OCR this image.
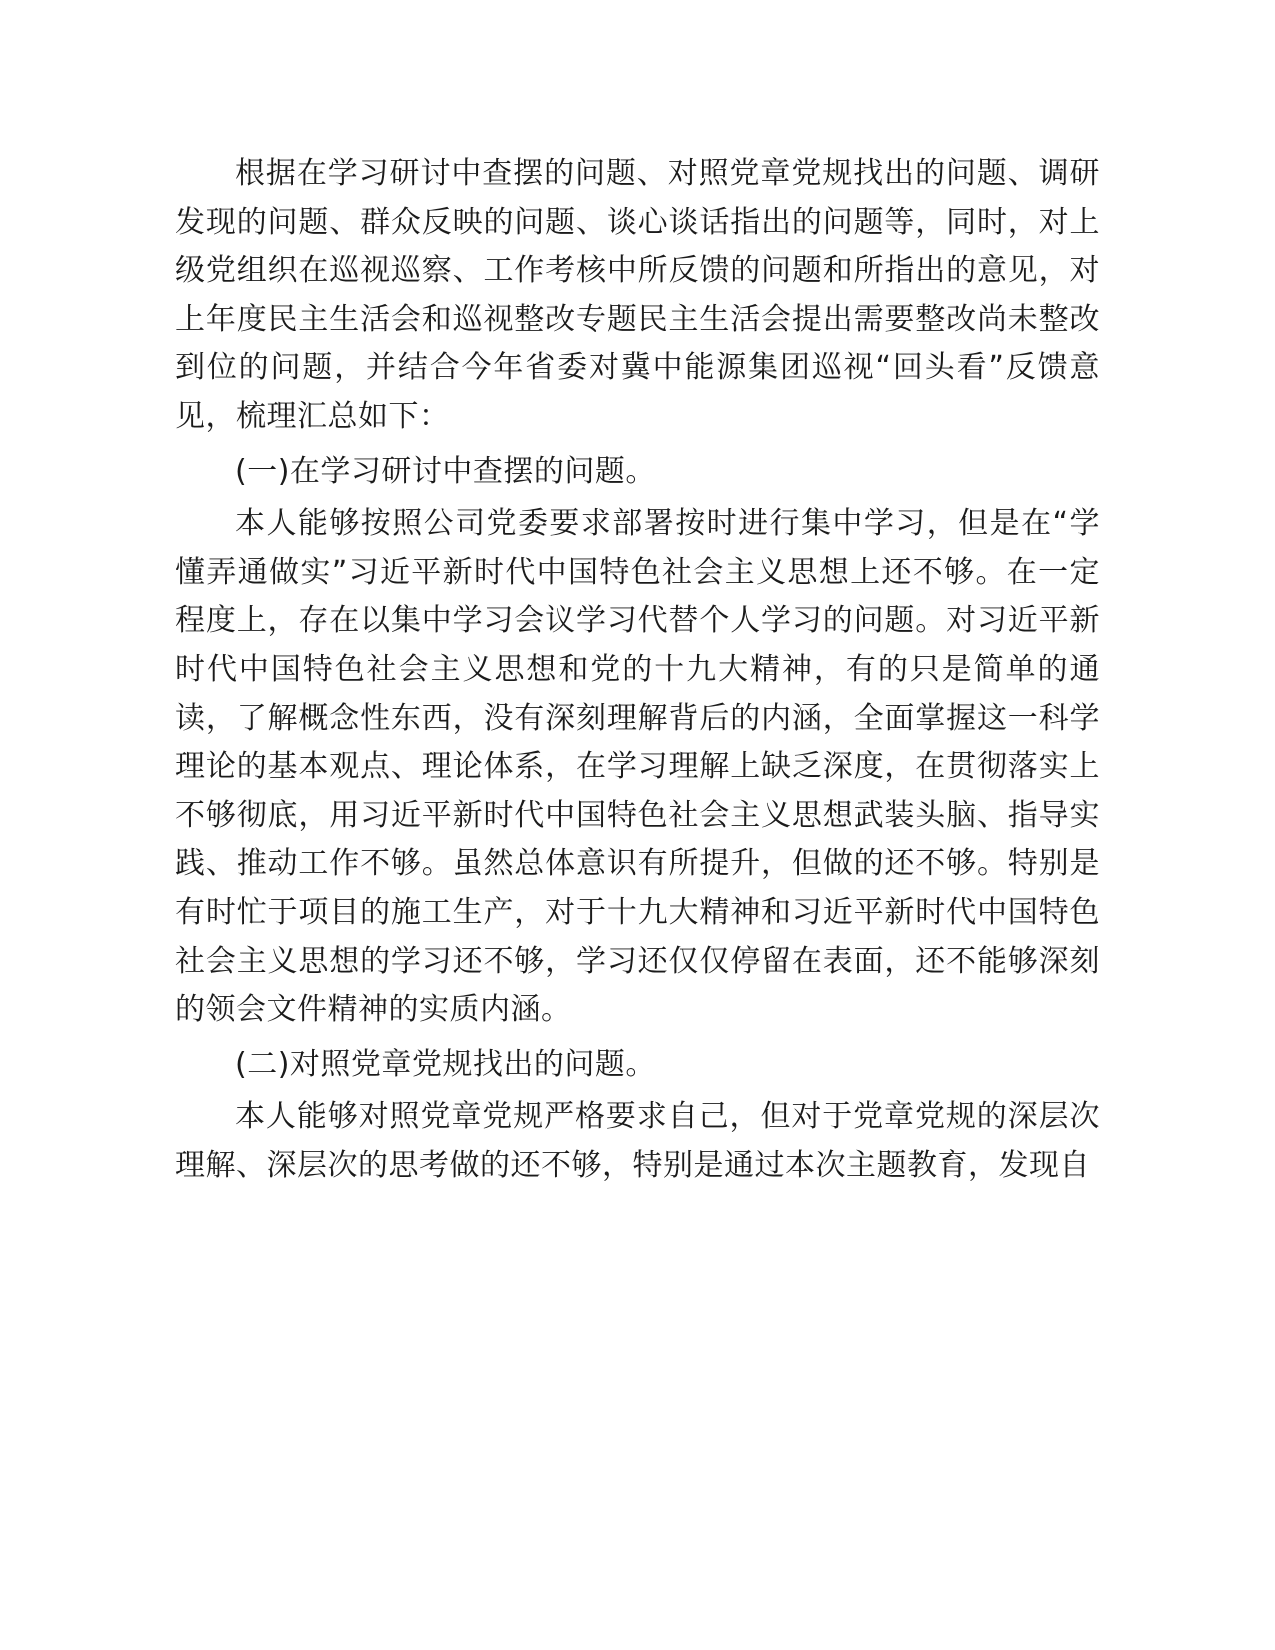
根据在学习研讨中查摆的问题、对照党章党规找出的问题、调研发现的问题、群众反映的问题、谈心谈话指出的问题等，同时，对上级党组织在巡视巡察、工作考核中所反馈的问题和所指出的意见，对上年度民主生活会和巡视整改专题民主生活会提出需要整改尚未整改到位的问题，并结合今年省委对冀中能源集团巡视“回头看”反馈意见，梳理汇总如下：

(一)在学习研讨中查摆的问题。

本人能够按照公司党委要求部署按时进行集中学习，但是在“学懂弄通做实”习近平新时代中国特色社会主义思想上还不够。在一定程度上，存在以集中学习会议学习代替个人学习的问题。对习近平新时代中国特色社会主义思想和党的十九大精神，有的只是简单的通读，了解概念性东西，没有深刻理解背后的内涵，全面掌握这一科学理论的基本观点、理论体系，在学习理解上缺乏深度，在贯彻落实上不够彻底，用习近平新时代中国特色社会主义思想武装头脑、指导实践、推动工作不够。虽然总体意识有所提升，但做的还不够。特别是有时忙于项目的施工生产，对于十九大精神和习近平新时代中国特色社会主义思想的学习还不够，学习还仅仅停留在表面，还不能够深刻的领会文件精神的实质内涵。

(二)对照党章党规找出的问题。

本人能够对照党章党规严格要求自己，但对于党章党规的深层次理解、深层次的思考做的还不够，特别是通过本次主题教育，发现自
